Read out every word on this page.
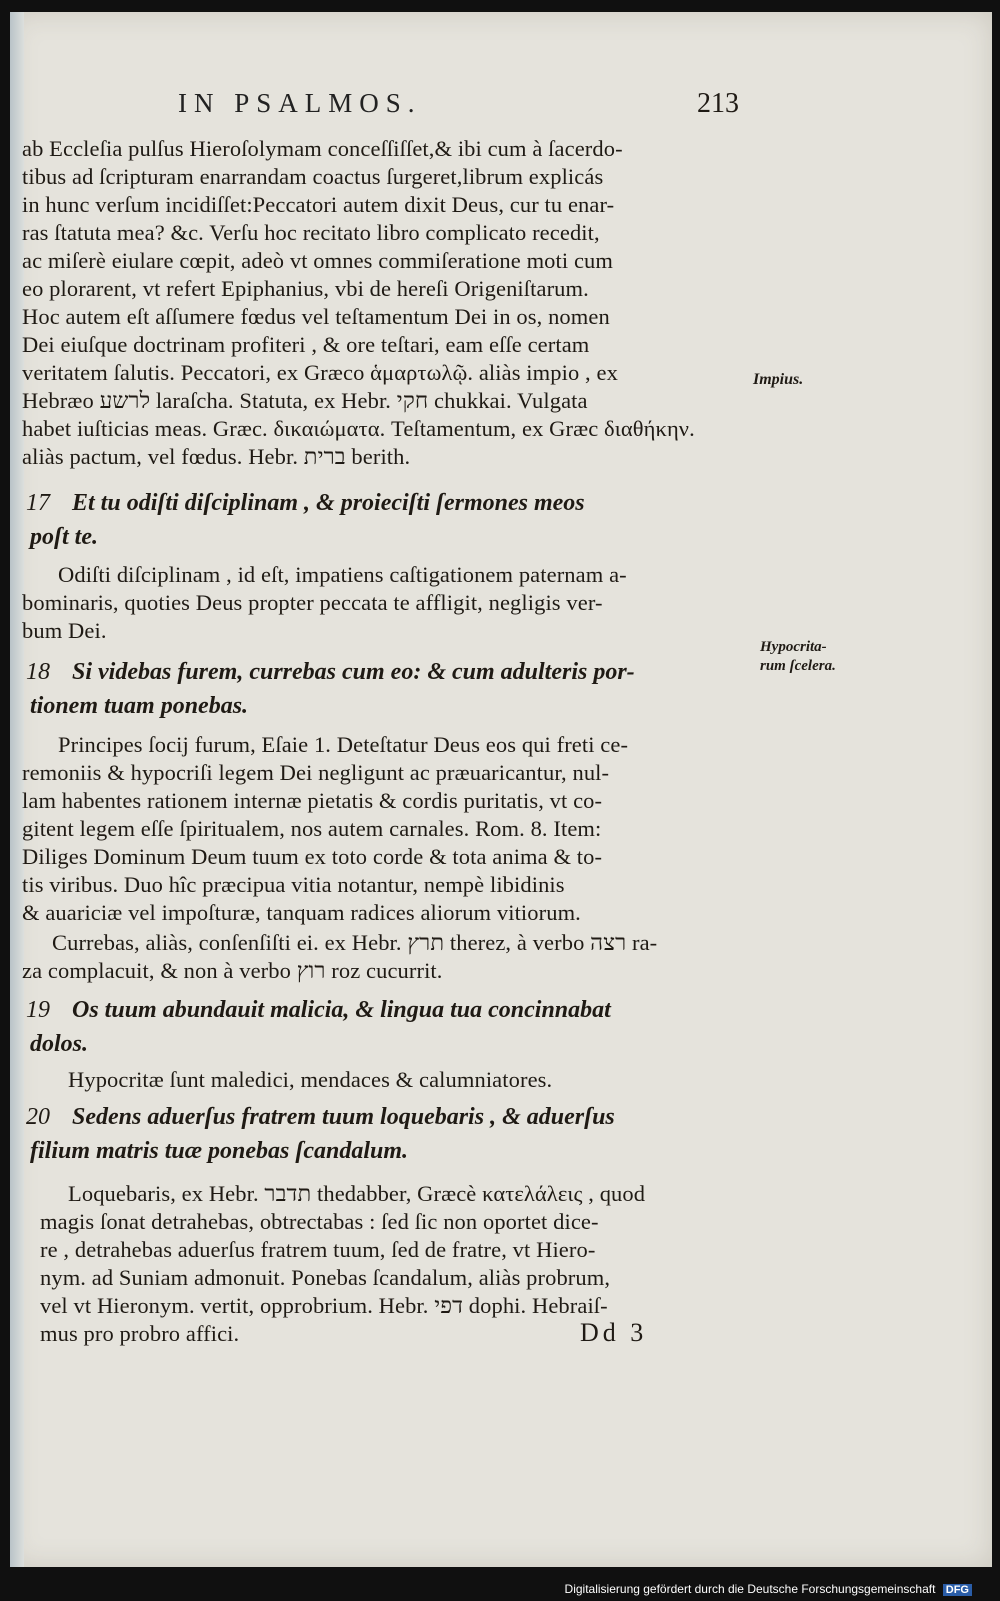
IN PSALMOS.	213
ab Eccleſia pulſus Hieroſolymam conceſſiſſet,& ibi cum à ſacerdo-
tibus ad ſcripturam enarrandam coactus ſurgeret,librum explicás
in hunc verſum incidiſſet:Peccatori autem dixit Deus, cur tu enar-
ras ſtatuta mea? &c. Verſu hoc recitato libro complicato recedit,
ac miſerè eiulare cœpit, adeò vt omnes commiſeratione moti cum
eo plorarent, vt refert Epiphanius, vbi de hereſi Origeniſtarum.
Hoc autem eſt aſſumere fœdus vel teſtamentum Dei in os, nomen
Dei eiuſque doctrinam profiteri , & ore teſtari, eam eſſe certam
veritatem ſalutis. Peccatori, ex Græco ἁμαρτωλῷ. aliàs impio , ex
Hebræo לרשע laraſcha. Statuta, ex Hebr. חקי chukkai. Vulgata
habet iuſticias meas. Græc. δικαιώματα. Teſtamentum, ex Græc διαθήκην.
aliàs pactum, vel fœdus. Hebr. ברית berith.
Impius.
17 Et tu odiſti diſciplinam , & proieciſti ſermones meos
poſt te.
Odiſti diſciplinam , id eſt, impatiens caſtigationem paternam a-
bominaris, quoties Deus propter peccata te affligit, negligis ver-
bum Dei.
Hypocrita-
rum ſcelera.
18 Si videbas furem, currebas cum eo: & cum adulteris por-
tionem tuam ponebas.
Principes ſocij furum, Eſaie 1. Deteſtatur Deus eos qui freti ce-
remoniis & hypocriſi legem Dei negligunt ac præuaricantur, nul-
lam habentes rationem internæ pietatis & cordis puritatis, vt co-
gitent legem eſſe ſpiritualem, nos autem carnales. Rom. 8. Item:
Diliges Dominum Deum tuum ex toto corde & tota anima & to-
tis viribus. Duo hîc præcipua vitia notantur, nempè libidinis
& auariciæ vel impoſturæ, tanquam radices aliorum vitiorum.
Currebas, aliàs, conſenſiſti ei. ex Hebr. תרץ therez, à verbo רצה ra-
za complacuit, & non à verbo רוץ roz cucurrit.
19 Os tuum abundauit malicia, & lingua tua concinnabat
dolos.
Hypocritæ ſunt maledici, mendaces & calumniatores.
20 Sedens aduerſus fratrem tuum loquebaris , & aduerſus
filium matris tuæ ponebas ſcandalum.
Loquebaris, ex Hebr. תדבר thedabber, Græcè κατελάλεις , quod
magis ſonat detrahebas, obtrectabas : ſed ſic non oportet dice-
re , detrahebas aduerſus fratrem tuum, ſed de fratre, vt Hiero-
nym. ad Suniam admonuit. Ponebas ſcandalum, aliàs probrum,
vel vt Hieronym. vertit, opprobrium. Hebr. דפי dophi. Hebraiſ-
mus pro probro affici.	Dd 3
Digitalisierung gefördert durch die Deutsche Forschungsgemeinschaft DFG
